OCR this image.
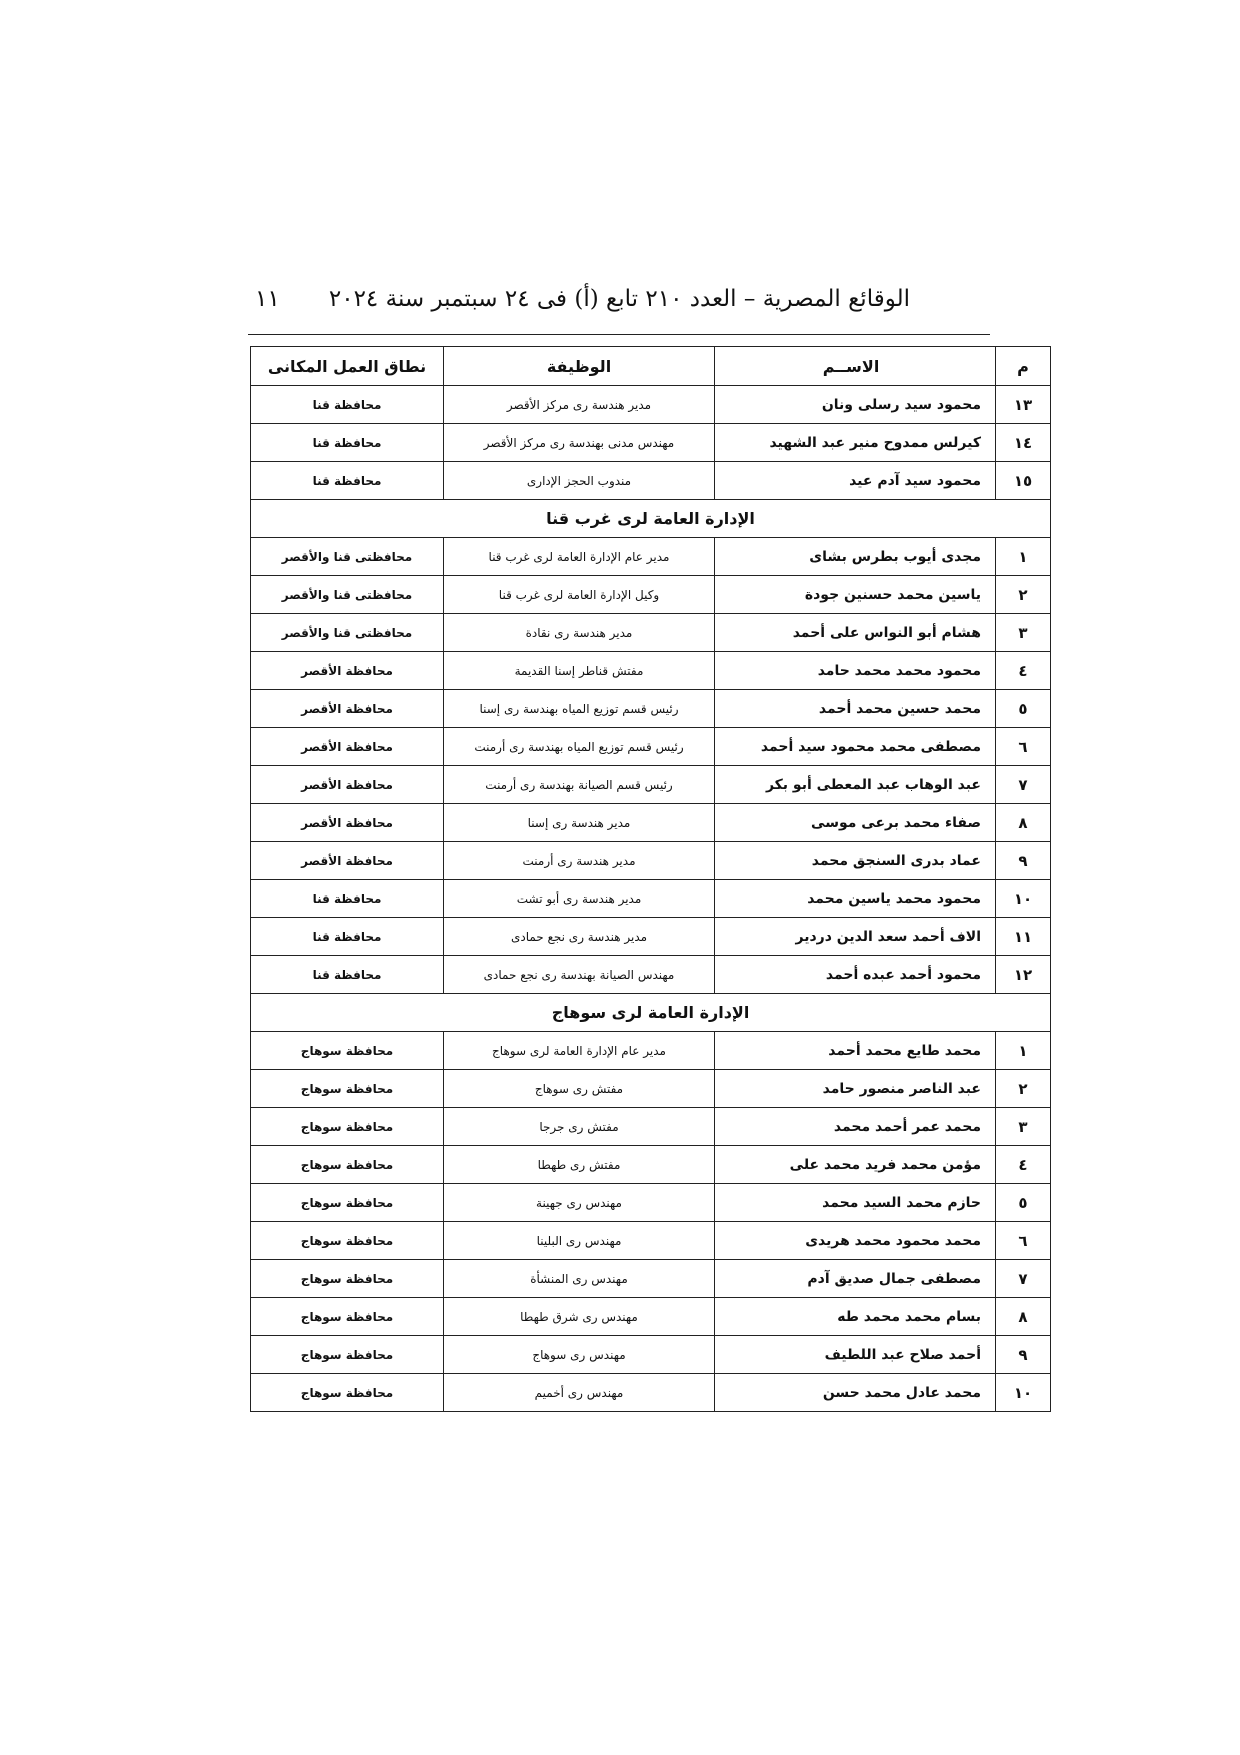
الوقائع المصرية – العدد ٢١٠ تابع (أ) فى ٢٤ سبتمبر سنة ٢٠٢٤
١١
م	الاســم	الوظيفة	نطاق العمل المكانى
١٣	محمود سيد رسلى ونان	مدير هندسة رى مركز الأقصر	محافظة قنا
١٤	كيرلس ممدوح منير عبد الشهيد	مهندس مدنى بهندسة رى مركز الأقصر	محافظة قنا
١٥	محمود سيد آدم عيد	مندوب الحجز الإدارى	محافظة قنا
الإدارة العامة لرى غرب قنا			
١	مجدى أيوب بطرس بشاى	مدير عام الإدارة العامة لرى غرب قنا	محافظتى قنا والأقصر
٢	ياسين محمد حسنين جودة	وكيل الإدارة العامة لرى غرب قنا	محافظتى قنا والأقصر
٣	هشام أبو النواس على أحمد	مدير هندسة رى نقادة	محافظتى قنا والأقصر
٤	محمود محمد محمد حامد	مفتش قناطر إسنا القديمة	محافظة الأقصر
٥	محمد حسين محمد أحمد	رئيس قسم توزيع المياه بهندسة رى إسنا	محافظة الأقصر
٦	مصطفى محمد محمود سيد أحمد	رئيس قسم توزيع المياه بهندسة رى أرمنت	محافظة الأقصر
٧	عبد الوهاب عبد المعطى أبو بكر	رئيس قسم الصيانة بهندسة رى أرمنت	محافظة الأقصر
٨	صفاء محمد برعى موسى	مدير هندسة رى إسنا	محافظة الأقصر
٩	عماد بدرى السنجق محمد	مدير هندسة رى أرمنت	محافظة الأقصر
١٠	محمود محمد ياسين محمد	مدير هندسة رى أبو تشت	محافظة قنا
١١	الاف أحمد سعد الدين دردير	مدير هندسة رى نجع حمادى	محافظة قنا
١٢	محمود أحمد عبده أحمد	مهندس الصيانة بهندسة رى نجع حمادى	محافظة قنا
الإدارة العامة لرى سوهاج			
١	محمد طايع محمد أحمد	مدير عام الإدارة العامة لرى سوهاج	محافظة سوهاج
٢	عبد الناصر منصور حامد	مفتش رى سوهاج	محافظة سوهاج
٣	محمد عمر أحمد محمد	مفتش رى جرجا	محافظة سوهاج
٤	مؤمن محمد فريد محمد على	مفتش رى طهطا	محافظة سوهاج
٥	حازم محمد السيد محمد	مهندس رى جهينة	محافظة سوهاج
٦	محمد محمود محمد هريدى	مهندس رى البلينا	محافظة سوهاج
٧	مصطفى جمال صديق آدم	مهندس رى المنشأة	محافظة سوهاج
٨	بسام محمد محمد طه	مهندس رى شرق طهطا	محافظة سوهاج
٩	أحمد صلاح عبد اللطيف	مهندس رى سوهاج	محافظة سوهاج
١٠	محمد عادل محمد حسن	مهندس رى أخميم	محافظة سوهاج
